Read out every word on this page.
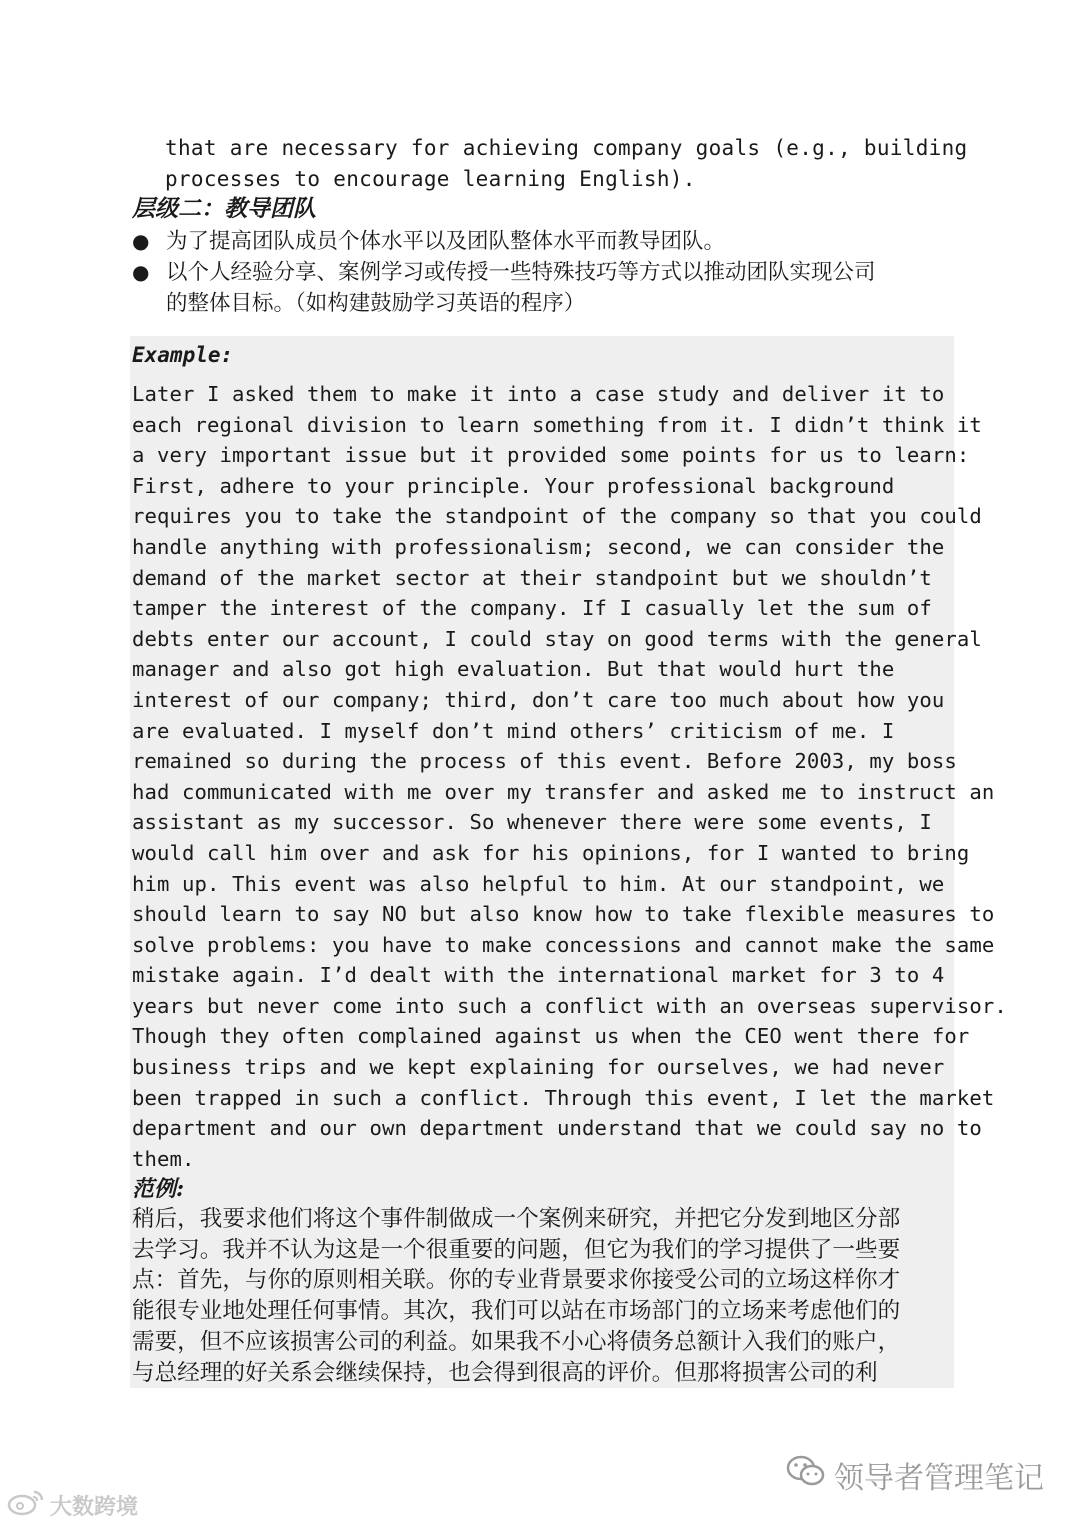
that are necessary for achieving company goals (e.g., building
processes to encourage learning English).
层级二：教导团队
● 为了提高团队成员个体水平以及团队整体水平而教导团队。
● 以个人经验分享、案例学习或传授一些特殊技巧等方式以推动团队实现公司
的整体目标。（如构建鼓励学习英语的程序）
Example:
Later I asked them to make it into a case study and deliver it to
each regional division to learn something from it. I didn’t think it
a very important issue but it provided some points for us to learn:
First, adhere to your principle. Your professional background
requires you to take the standpoint of the company so that you could
handle anything with professionalism; second, we can consider the
demand of the market sector at their standpoint but we shouldn’t
tamper the interest of the company. If I casually let the sum of
debts enter our account, I could stay on good terms with the general
manager and also got high evaluation. But that would hurt the
interest of our company; third, don’t care too much about how you
are evaluated. I myself don’t mind others’ criticism of me. I
remained so during the process of this event. Before 2003, my boss
had communicated with me over my transfer and asked me to instruct an
assistant as my successor. So whenever there were some events, I
would call him over and ask for his opinions, for I wanted to bring
him up. This event was also helpful to him. At our standpoint, we
should learn to say NO but also know how to take flexible measures to
solve problems: you have to make concessions and cannot make the same
mistake again. I’d dealt with the international market for 3 to 4
years but never come into such a conflict with an overseas supervisor.
Though they often complained against us when the CEO went there for
business trips and we kept explaining for ourselves, we had never
been trapped in such a conflict. Through this event, I let the market
department and our own department understand that we could say no to
them.
范例:
稍后，我要求他们将这个事件制做成一个案例来研究，并把它分发到地区分部
去学习。我并不认为这是一个很重要的问题，但它为我们的学习提供了一些要
点：首先，与你的原则相关联。你的专业背景要求你接受公司的立场这样你才
能很专业地处理任何事情。其次，我们可以站在市场部门的立场来考虑他们的
需要，但不应该损害公司的利益。如果我不小心将债务总额计入我们的账户，
与总经理的好关系会继续保持，也会得到很高的评价。但那将损害公司的利
领导者管理笔记
大数跨境
